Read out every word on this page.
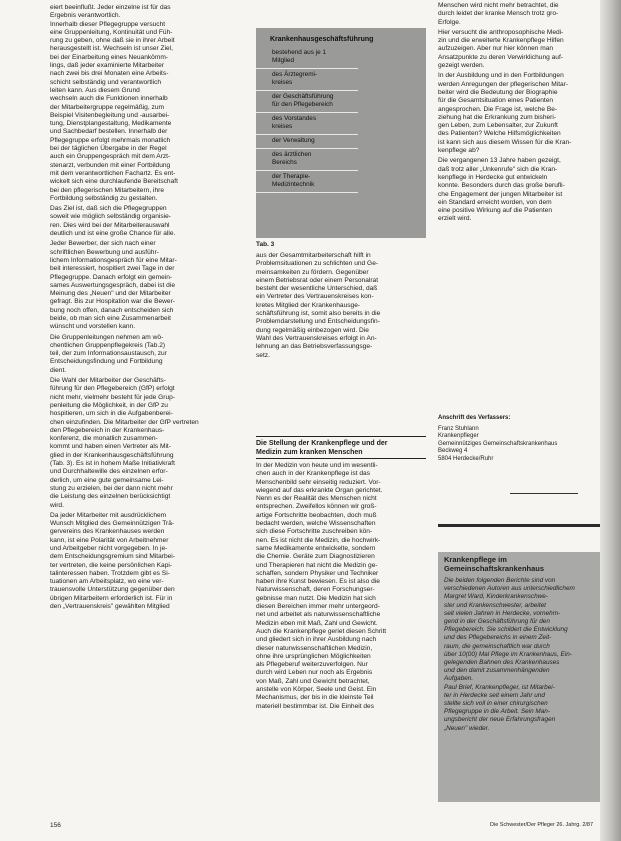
eiert beeinflußt. Jeder einzelne ist für das
Ergebnis verantwortlich.
Innerhalb dieser Pflegegruppe versucht
eine Gruppenleitung, Kontinuität und Füh-
rung zu geben, ohne daß sie in ihrer Arbeit
herausgestellt ist. Wechseln ist unser Ziel,
bei der Einarbeitung eines Neuankömm-
lings, daß jeder examinierte Mitarbeiter
nach zwei bis drei Monaten eine Arbeits-
schicht selbständig und verantwortlich
leiten kann. Aus diesem Grund
wechseln auch die Funktionen innerhalb
der Mitarbeitergruppe regelmäßig, zum
Beispiel Visitenbegleitung und -ausarbei-
tung, Dienstplangestaltung, Medikamente
und Sachbedarf bestellen. Innerhalb der
Pflegegruppe erfolgt mehrmals monatlich
bei der täglichen Übergabe in der Regel
auch ein Gruppengespräch mit dem Arzt-
stenarzt, verbunden mit einer Fortbildung
mit dem verantwortlichen Fachartz. Es ent-
wickelt sich eine durchlaufende Bereitschaft
bei den pflegerischen Mitarbeitern, ihre
Fortbildung selbständig zu gestalten.

Das Ziel ist, daß sich die Pflegegruppen
soweit wie möglich selbständig organisie-
ren. Dies wird bei der Mitarbeiterauswahl
deutlich und ist eine große Chance für alle.

Jeder Bewerber, der sich nach einer
schriftlichen Bewerbung und ausführ-
lichem Informationsgespräch für eine Mitar-
beit interessiert, hospitiert zwei Tage in der
Pflegegruppe. Danach erfolgt ein gemein-
sames Auswertungsgespräch, dabei ist die
Meinung des „Neuen" und der Mitarbeiter
gefragt. Bis zur Hospitation war die Bewer-
bung noch offen, danach entscheiden sich
beide, ob man sich eine Zusammenarbeit
wünscht und vorstellen kann.

Die Gruppenleitungen nehmen am wö-
chentlichen Gruppenpflegekreis (Tab.2)
teil, der zum Informationsaustausch, zur
Entscheidungsfindung und Fortbildung
dient.

Die Wahl der Mitarbeiter der Geschäfts-
führung für den Pflegebereich (GfP) erfolgt
nicht mehr, vielmehr besteht für jede Grup-
penleitung die Möglichkeit, in der GfP zu
hospitieren, um sich in die Aufgabenberei-
chen einzufinden. Die Mitarbeiter der GfP vertreten
den Pflegebereich in der Krankenhaus-
konferenz, die monatlich zusammen-
kommt und haben einen Vertreter als Mit-
glied in der Krankenhausgeschäftsführung
(Tab. 3). Es ist in hohem Maße Initiativkraft
und Durchhaltewille des einzelnen erfor-
derlich, um eine gute gemeinsame Lei-
stung zu erzielen, bei der dann nicht mehr
die Leistung des einzelnen berücksichtigt
wird.

Da jeder Mitarbeiter mit ausdrücklichem
Wunsch Mitglied des Gemeinnützigen Trä-
gervereins des Krankenhauses werden
kann, ist eine Polarität von Arbeitnehmer
und Arbeitgeber nicht vorgegeben. In je-
dem Entscheidungsgremium sind Mitarbei-
ter vertreten, die keine persönlichen Kapi-
talinteressen haben. Trotzdem gibt es Si-
tuationen am Arbeitsplatz, wo eine ver-
trauensvolle Unterstützung gegenüber den
übrigen Mitarbeitern erforderlich ist. Für in
den „Vertrauenskreis" gewählten Mitglied

Krankenhausgeschäftsführung
bestehend aus je 1 Mitglied
des Ärztegremi-
kreises
der Geschäftsführung
für den Pflegebereich
des Vorstandes
kreises
der Verwaltung
des ärztlichen
Bereichs
der Therapie-
Medizintechnik
Tab. 3

aus der Gesamtmitarbeiterschaft hilft in
Problemsituationen zu schlichten und Ge-
meinsamkeiten zu fördern. Gegenüber
einem Betriebsrat oder einem Personalrat
besteht der wesentliche Unterschied, daß
ein Vertreter des Vertrauenskreises kon-
kretes Mitglied der Krankenhausge-
schäftsführung ist, somit also bereits in die
Problemdarstellung und Entscheidungsfin-
dung regelmäßig einbezogen wird. Die
Wahl des Vertrauenskreises erfolgt in An-
lehnung an das Betriebsverfassungsge-
setz.

Die Stellung der Krankenpflege und der
Medizin zum kranken Menschen

In der Medizin von heute und im wesentli-
chen auch in der Krankenpflege ist das
Menschenbild sehr einseitig reduziert. Vor-
wiegend auf das erkrankte Organ gerichtet.
Nenn es der Realität des Menschen nicht
entsprechen. Zweifellos können wir groß-
artige Fortschritte beobachten, doch muß
bedacht werden, welche Wissenschaften
sich diese Fortschritte zuschreiben kön-
nen. Es ist nicht die Medizin, die hochwirk-
same Medikamente entwickelte, sondern
die Chemie. Geräte zum Diagnostizieren
und Therapieren hat nicht die Medizin ge-
schaffen, sondern Physiker und Techniker
haben ihre Kunst bewiesen. Es ist also die
Naturwissenschaft, deren Forschungser-
gebnisse man nutzt. Die Medizin hat sich
diesen Bereichen immer mehr untergeord-
net und arbeitet als naturwissenschaftliche
Medizin eben mit Maß, Zahl und Gewicht.
Auch die Krankenpflege geriet diesen Schritt
und gliedert sich in ihrer Ausbildung nach
dieser naturwissenschaftlichen Medizin,
ohne ihre ursprünglichen Möglichkeiten
als Pflegeberuf weiterzuverfolgen. Nur
durch wird Leben nur noch als Ergebnis
von Maß, Zahl und Gewicht betrachtet,
anstelle von Körper, Seele und Geist. Ein
Mechanismus, der bis in die kleinste Teil
materielI bestimmbar ist. Die Einheit des

Menschen wird nicht mehr betrachtet, die
durch leidet der kranke Mensch trotz gro-
Erfolge.

Hier versucht die anthroposophische Medi-
zin und die erweiterte Krankenpflege Hilfen
aufzuzeigen. Aber nur hier können man
Ansatzpunkte zu deren Verwirklichung auf-
gezeigt werden.

In der Ausbildung und in den Fortbildungen
werden Anregungen der pflegerischen Mitar-
beiter wird die Bedeutung der Biographie
für die Gesamtsituation eines Patienten
angesprochen. Die Frage ist, welche Be-
ziehung hat die Erkrankung zum bisheri-
gen Leben, zum Lebensalter, zur Zukunft
des Patienten? Welche Hilfsmöglichkeiten
ist kann sich aus diesem Wissen für die Kran-
kenpflege ab?

Die vergangenen 13 Jahre haben gezeigt,
daß trotz aller „Unkenrufe" sich die Kran-
kenpflege in Herdecke gut entwickeln
konnte. Besonders durch das große berufli-
che Engagement der jungen Mitarbeiter ist
ein Standard erreicht worden, von dem
eine positive Wirkung auf die Patienten
erzielt wird.

Anschrift des Verfassers:
Franz Stuhlann
Krankenpfleger
Gemeinnütziges Gemeinschaftskrankenhaus
Beckweg 4
5804 Herdecke/Ruhr
Krankenpflege im
Gemeinschaftskrankenhaus
Die beiden folgenden Berichte sind von
verschiedenen Autoren aus unterschiedlichem
Margret Ward, Kinderkrankenschwe-
ster und Krankenschwester, arbeitet
seit vielen Jahren in Herdecke, vornehm-
gend in der Geschäftsführung für den
Pflegebereich. Sie schildert die Entwicklung
und des Pflegebereichs in einem Zeit-
raum, die gemeinschaftlich war durch
über 10(00) Mal Pflege im Krankenhaus, Ein-
gelegenden Bahnen des Krankenhauses
und den damit zusammenhängenden
Aufgaben.
Paul Brief, Krankenpfleger, ist Mitarbei-
ter in Herdecke seit einem Jahr und
stellte sich voll in einer chirurgischen
Pflegegruppe in die Arbeit. Sein Man-
ungsbericht der neue Erfahrungsfragen
„Neuen" wieder.
156	Die Schwester/Der Pfleger 26. Jahrg. 2/87
